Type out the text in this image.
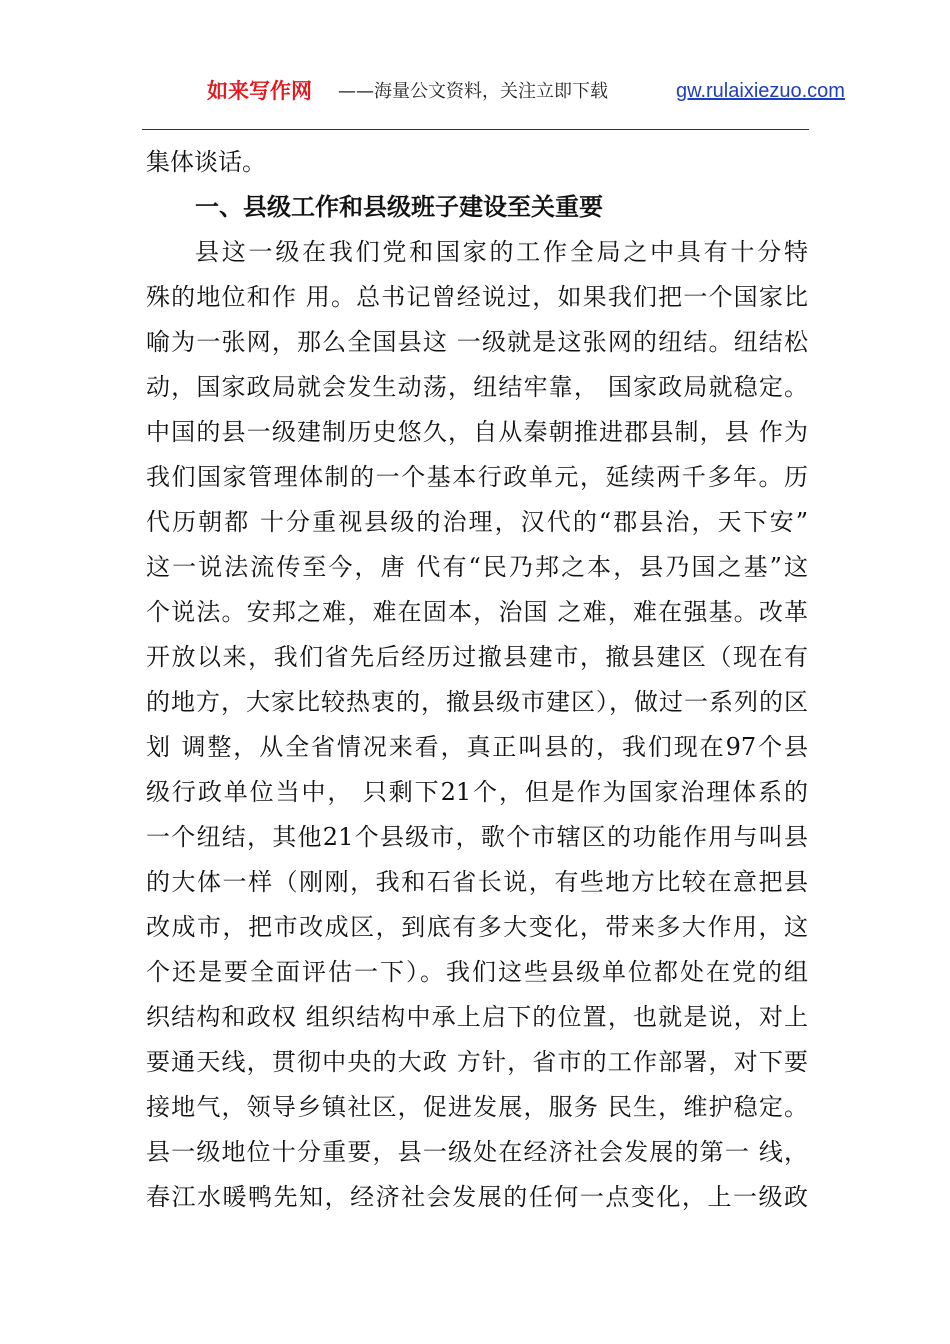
如来写作网 ——海量公文资料，关注立即下载	gw.rulaixiezuo.com
集体谈话。
一、县级工作和县级班子建设至关重要
县这一级在我们党和国家的工作全局之中具有十分特
殊的地位和作 用。总书记曾经说过，如果我们把一个国家比
喻为一张网，那么全国县这 一级就是这张网的纽结。纽结松
动，国家政局就会发生动荡，纽结牢靠， 国家政局就稳定。
中国的县一级建制历史悠久，自从秦朝推进郡县制，县 作为
我们国家管理体制的一个基本行政单元，延续两千多年。历
代历朝都 十分重视县级的治理，汉代的“郡县治，天下安”
这一说法流传至今，唐 代有“民乃邦之本，县乃国之基”这
个说法。安邦之难，难在固本，治国 之难，难在强基。改革
开放以来，我们省先后经历过撤县建市，撤县建区（现在有
的地方，大家比较热衷的，撤县级市建区），做过一系列的区
划 调整，从全省情况来看，真正叫县的，我们现在97个县
级行政单位当中， 只剩下21个，但是作为国家治理体系的
一个纽结，其他21个县级市，歌个市辖区的功能作用与叫县
的大体一样（刚刚，我和石省长说，有些地方比较在意把县
改成市，把市改成区，到底有多大变化，带来多大作用，这
个还是要全面评估一下）。我们这些县级单位都处在党的组
织结构和政权 组织结构中承上启下的位置，也就是说，对上
要通天线，贯彻中央的大政 方针，省市的工作部署，对下要
接地气，领导乡镇社区，促进发展，服务 民生，维护稳定。
县一级地位十分重要，县一级处在经济社会发展的第一 线，
春江水暖鸭先知，经济社会发展的任何一点变化，上一级政
